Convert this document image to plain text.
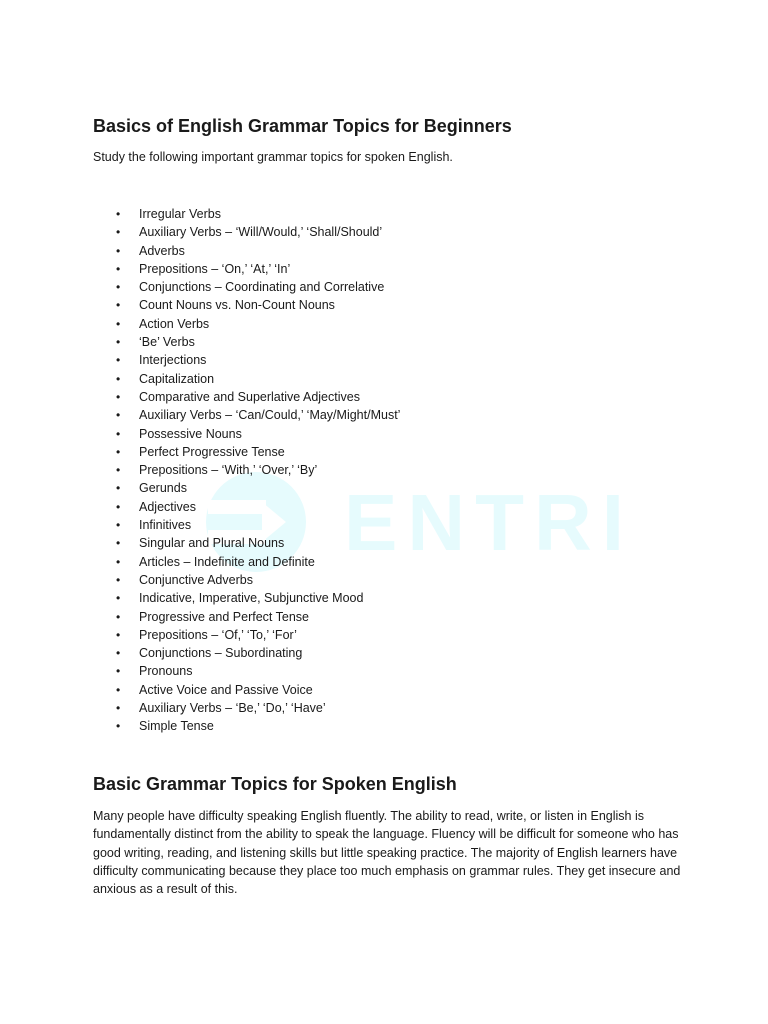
ENTRI
Basics of English Grammar Topics for Beginners

Study the following important grammar topics for spoken English.

• Irregular Verbs
• Auxiliary Verbs – ‘Will/Would,’ ‘Shall/Should’
• Adverbs
• Prepositions – ‘On,’ ‘At,’ ‘In’
• Conjunctions – Coordinating and Correlative
• Count Nouns vs. Non-Count Nouns
• Action Verbs
• ‘Be’ Verbs
• Interjections
• Capitalization
• Comparative and Superlative Adjectives
• Auxiliary Verbs – ‘Can/Could,’ ‘May/Might/Must’
• Possessive Nouns
• Perfect Progressive Tense
• Prepositions – ‘With,’ ‘Over,’ ‘By’
• Gerunds
• Adjectives
• Infinitives
• Singular and Plural Nouns
• Articles – Indefinite and Definite
• Conjunctive Adverbs
• Indicative, Imperative, Subjunctive Mood
• Progressive and Perfect Tense
• Prepositions – ‘Of,’ ‘To,’ ‘For’
• Conjunctions – Subordinating
• Pronouns
• Active Voice and Passive Voice
• Auxiliary Verbs – ‘Be,’ ‘Do,’ ‘Have’
• Simple Tense
Basic Grammar Topics for Spoken English

Many people have difficulty speaking English fluently. The ability to read, write, or listen in English is fundamentally distinct from the ability to speak the language. Fluency will be difficult for someone who has good writing, reading, and listening skills but little speaking practice. The majority of English learners have difficulty communicating because they place too much emphasis on grammar rules. They get insecure and anxious as a result of this.
